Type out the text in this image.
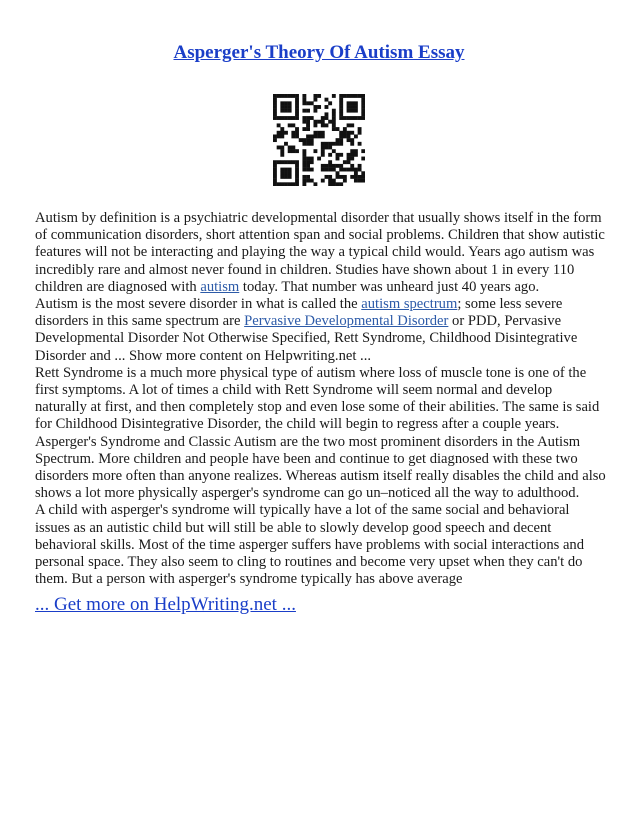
Asperger's Theory Of Autism Essay

Autism by definition is a psychiatric developmental disorder that usually shows itself in the form of communication disorders, short attention span and social problems. Children that show autistic features will not be interacting and playing the way a typical child would. Years ago autism was incredibly rare and almost never found in children. Studies have shown about 1 in every 110 children are diagnosed with autism today. That number was unheard just 40 years ago.

Autism is the most severe disorder in what is called the autism spectrum; some less severe disorders in this same spectrum are Pervasive Developmental Disorder or PDD, Pervasive Developmental Disorder Not Otherwise Specified, Rett Syndrome, Childhood Disintegrative Disorder and ... Show more content on Helpwriting.net ...

Rett Syndrome is a much more physical type of autism where loss of muscle tone is one of the first symptoms. A lot of times a child with Rett Syndrome will seem normal and develop naturally at first, and then completely stop and even lose some of their abilities. The same is said for Childhood Disintegrative Disorder, the child will begin to regress after a couple years.

Asperger's Syndrome and Classic Autism are the two most prominent disorders in the Autism Spectrum. More children and people have been and continue to get diagnosed with these two disorders more often than anyone realizes. Whereas autism itself really disables the child and also shows a lot more physically asperger's syndrome can go un–noticed all the way to adulthood.

A child with asperger's syndrome will typically have a lot of the same social and behavioral issues as an autistic child but will still be able to slowly develop good speech and decent behavioral skills. Most of the time asperger suffers have problems with social interactions and personal space. They also seem to cling to routines and become very upset when they can't do them. But a person with asperger's syndrome typically has above average

... Get more on HelpWriting.net ...
